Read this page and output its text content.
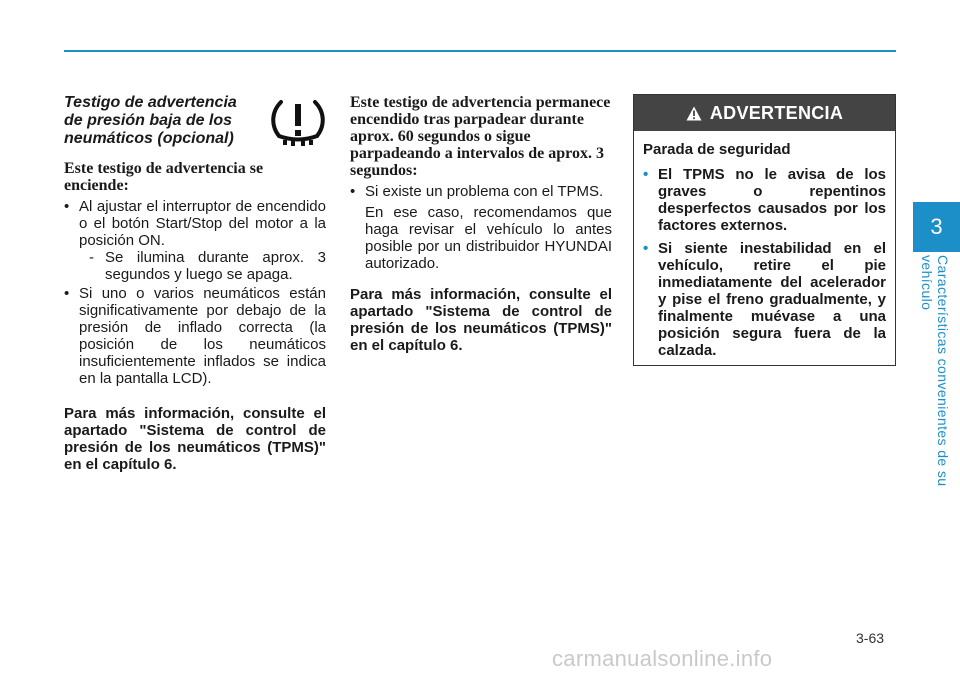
3
Características convenientes de su vehículo

Testigo de advertencia de presión baja de los neumáticos (opcional)

Este testigo de advertencia se enciende:

• Al ajustar el interruptor de encendido o el botón Start/Stop del motor a la posición ON.
- Se ilumina durante aprox. 3 segundos y luego se apaga.
• Si uno o varios neumáticos están significativamente por debajo de la presión de inflado correcta (la posición de los neumáticos insuficientemente inflados se indica en la pantalla LCD).

Para más información, consulte el apartado "Sistema de control de presión de los neumáticos (TPMS)" en el capítulo 6.

Este testigo de advertencia permanece encendido tras parpadear durante aprox. 60 segundos o sigue parpadeando a intervalos de aprox. 3 segundos:

• Si existe un problema con el TPMS.

En ese caso, recomendamos que haga revisar el vehículo lo antes posible por un distribuidor HYUNDAI autorizado.

Para más información, consulte el apartado "Sistema de control de presión de los neumáticos (TPMS)" en el capítulo 6.

ADVERTENCIA

Parada de seguridad

• El TPMS no le avisa de los graves o repentinos desperfectos causados por los factores externos.
• Si siente inestabilidad en el vehículo, retire el pie inmediatamente del acelerador y pise el freno gradualmente, y finalmente muévase a una posición segura fuera de la calzada.
3-63
carmanualsonline.info
